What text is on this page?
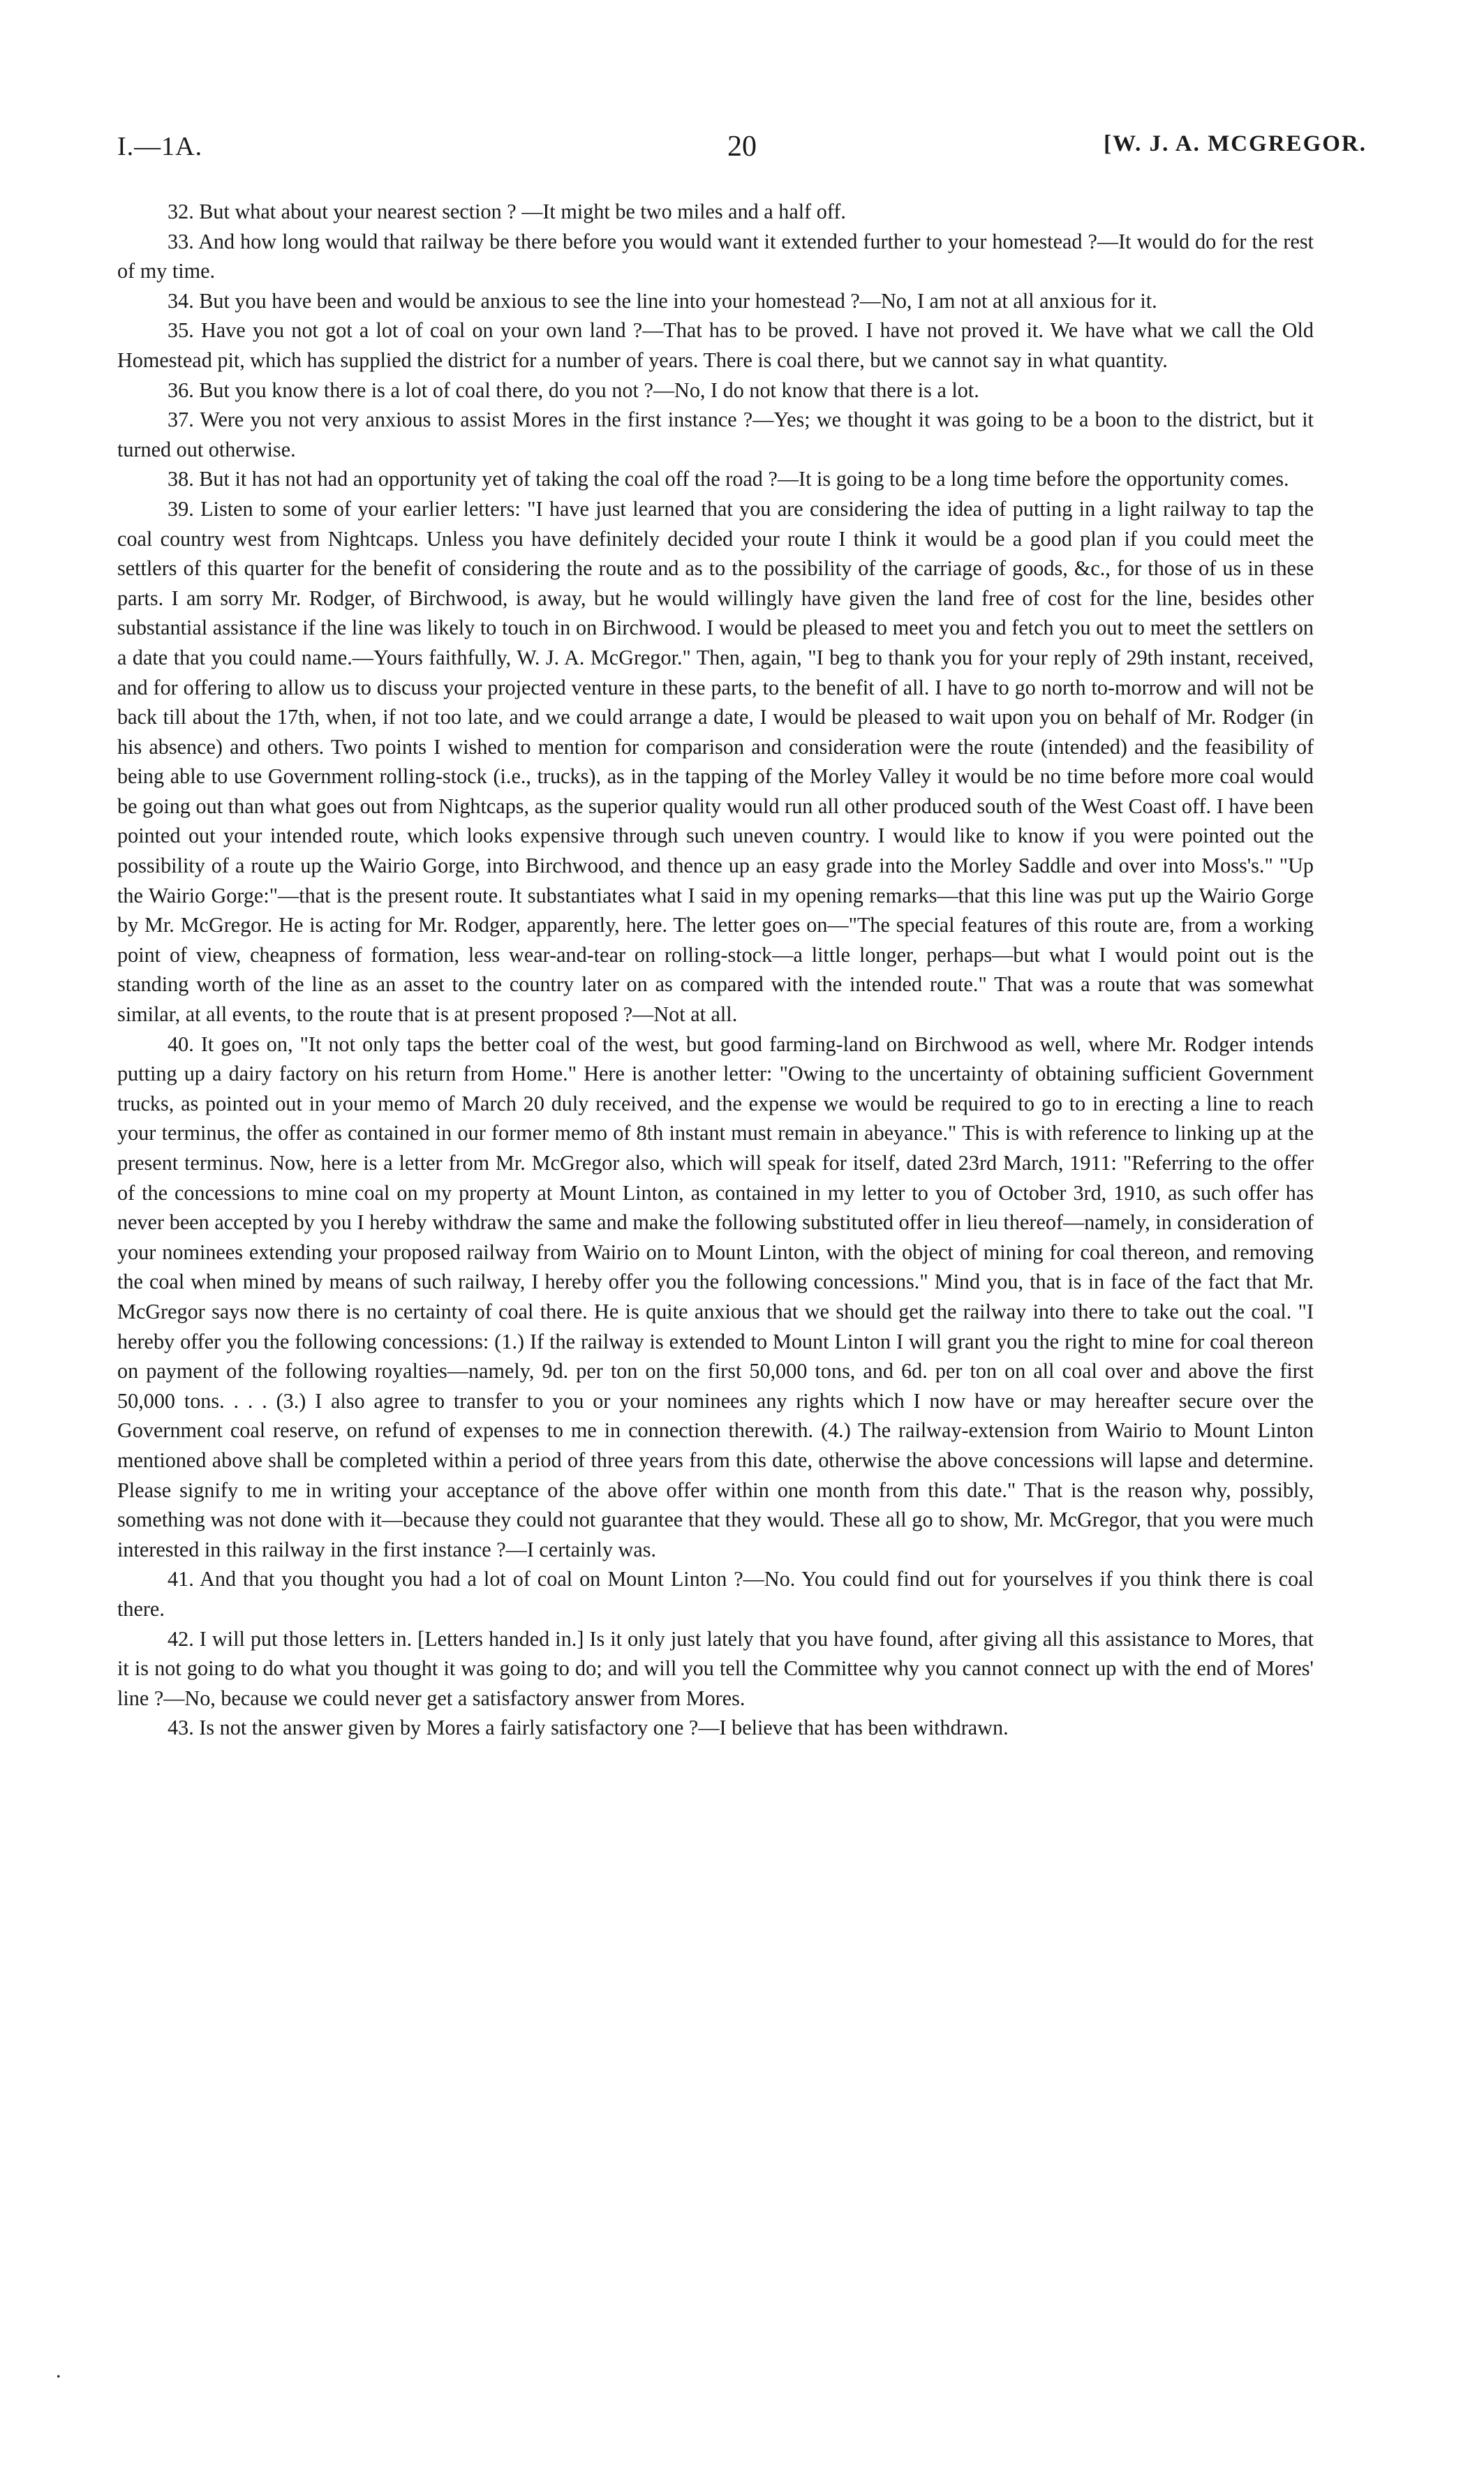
I.—1A.	20	[W. J. A. MCGREGOR.

32. But what about your nearest section ? —It might be two miles and a half off.

33. And how long would that railway be there before you would want it extended further to your homestead ?—It would do for the rest of my time.

34. But you have been and would be anxious to see the line into your homestead ?—No, I am not at all anxious for it.

35. Have you not got a lot of coal on your own land ?—That has to be proved. I have not proved it. We have what we call the Old Homestead pit, which has supplied the district for a number of years. There is coal there, but we cannot say in what quantity.

36. But you know there is a lot of coal there, do you not ?—No, I do not know that there is a lot.

37. Were you not very anxious to assist Mores in the first instance ?—Yes; we thought it was going to be a boon to the district, but it turned out otherwise.

38. But it has not had an opportunity yet of taking the coal off the road ?—It is going to be a long time before the opportunity comes.

39. Listen to some of your earlier letters: "I have just learned that you are considering the idea of putting in a light railway to tap the coal country west from Nightcaps. Unless you have definitely decided your route I think it would be a good plan if you could meet the settlers of this quarter for the benefit of considering the route and as to the possibility of the carriage of goods, &c., for those of us in these parts. I am sorry Mr. Rodger, of Birchwood, is away, but he would willingly have given the land free of cost for the line, besides other substantial assistance if the line was likely to touch in on Birchwood. I would be pleased to meet you and fetch you out to meet the settlers on a date that you could name.—Yours faithfully, W. J. A. McGregor." Then, again, "I beg to thank you for your reply of 29th instant, received, and for offering to allow us to discuss your projected venture in these parts, to the benefit of all. I have to go north to-morrow and will not be back till about the 17th, when, if not too late, and we could arrange a date, I would be pleased to wait upon you on behalf of Mr. Rodger (in his absence) and others. Two points I wished to mention for comparison and consideration were the route (intended) and the feasibility of being able to use Government rolling-stock (i.e., trucks), as in the tapping of the Morley Valley it would be no time before more coal would be going out than what goes out from Nightcaps, as the superior quality would run all other produced south of the West Coast off. I have been pointed out your intended route, which looks expensive through such uneven country. I would like to know if you were pointed out the possibility of a route up the Wairio Gorge, into Birchwood, and thence up an easy grade into the Morley Saddle and over into Moss's." "Up the Wairio Gorge:"—that is the present route. It substantiates what I said in my opening remarks—that this line was put up the Wairio Gorge by Mr. McGregor. He is acting for Mr. Rodger, apparently, here. The letter goes on—"The special features of this route are, from a working point of view, cheapness of formation, less wear-and-tear on rolling-stock—a little longer, perhaps—but what I would point out is the standing worth of the line as an asset to the country later on as compared with the intended route." That was a route that was somewhat similar, at all events, to the route that is at present proposed ?—Not at all.

40. It goes on, "It not only taps the better coal of the west, but good farming-land on Birchwood as well, where Mr. Rodger intends putting up a dairy factory on his return from Home." Here is another letter: "Owing to the uncertainty of obtaining sufficient Government trucks, as pointed out in your memo of March 20 duly received, and the expense we would be required to go to in erecting a line to reach your terminus, the offer as contained in our former memo of 8th instant must remain in abeyance." This is with reference to linking up at the present terminus. Now, here is a letter from Mr. McGregor also, which will speak for itself, dated 23rd March, 1911: "Referring to the offer of the concessions to mine coal on my property at Mount Linton, as contained in my letter to you of October 3rd, 1910, as such offer has never been accepted by you I hereby withdraw the same and make the following substituted offer in lieu thereof—namely, in consideration of your nominees extending your proposed railway from Wairio on to Mount Linton, with the object of mining for coal thereon, and removing the coal when mined by means of such railway, I hereby offer you the following concessions." Mind you, that is in face of the fact that Mr. McGregor says now there is no certainty of coal there. He is quite anxious that we should get the railway into there to take out the coal. "I hereby offer you the following concessions: (1.) If the railway is extended to Mount Linton I will grant you the right to mine for coal thereon on payment of the following royalties—namely, 9d. per ton on the first 50,000 tons, and 6d. per ton on all coal over and above the first 50,000 tons. . . . (3.) I also agree to transfer to you or your nominees any rights which I now have or may hereafter secure over the Government coal reserve, on refund of expenses to me in connection therewith. (4.) The railway-extension from Wairio to Mount Linton mentioned above shall be completed within a period of three years from this date, otherwise the above concessions will lapse and determine. Please signify to me in writing your acceptance of the above offer within one month from this date." That is the reason why, possibly, something was not done with it—because they could not guarantee that they would. These all go to show, Mr. McGregor, that you were much interested in this railway in the first instance ?—I certainly was.

41. And that you thought you had a lot of coal on Mount Linton ?—No. You could find out for yourselves if you think there is coal there.

42. I will put those letters in. [Letters handed in.] Is it only just lately that you have found, after giving all this assistance to Mores, that it is not going to do what you thought it was going to do; and will you tell the Committee why you cannot connect up with the end of Mores' line ?—No, because we could never get a satisfactory answer from Mores.

43. Is not the answer given by Mores a fairly satisfactory one ?—I believe that has been withdrawn.

.
